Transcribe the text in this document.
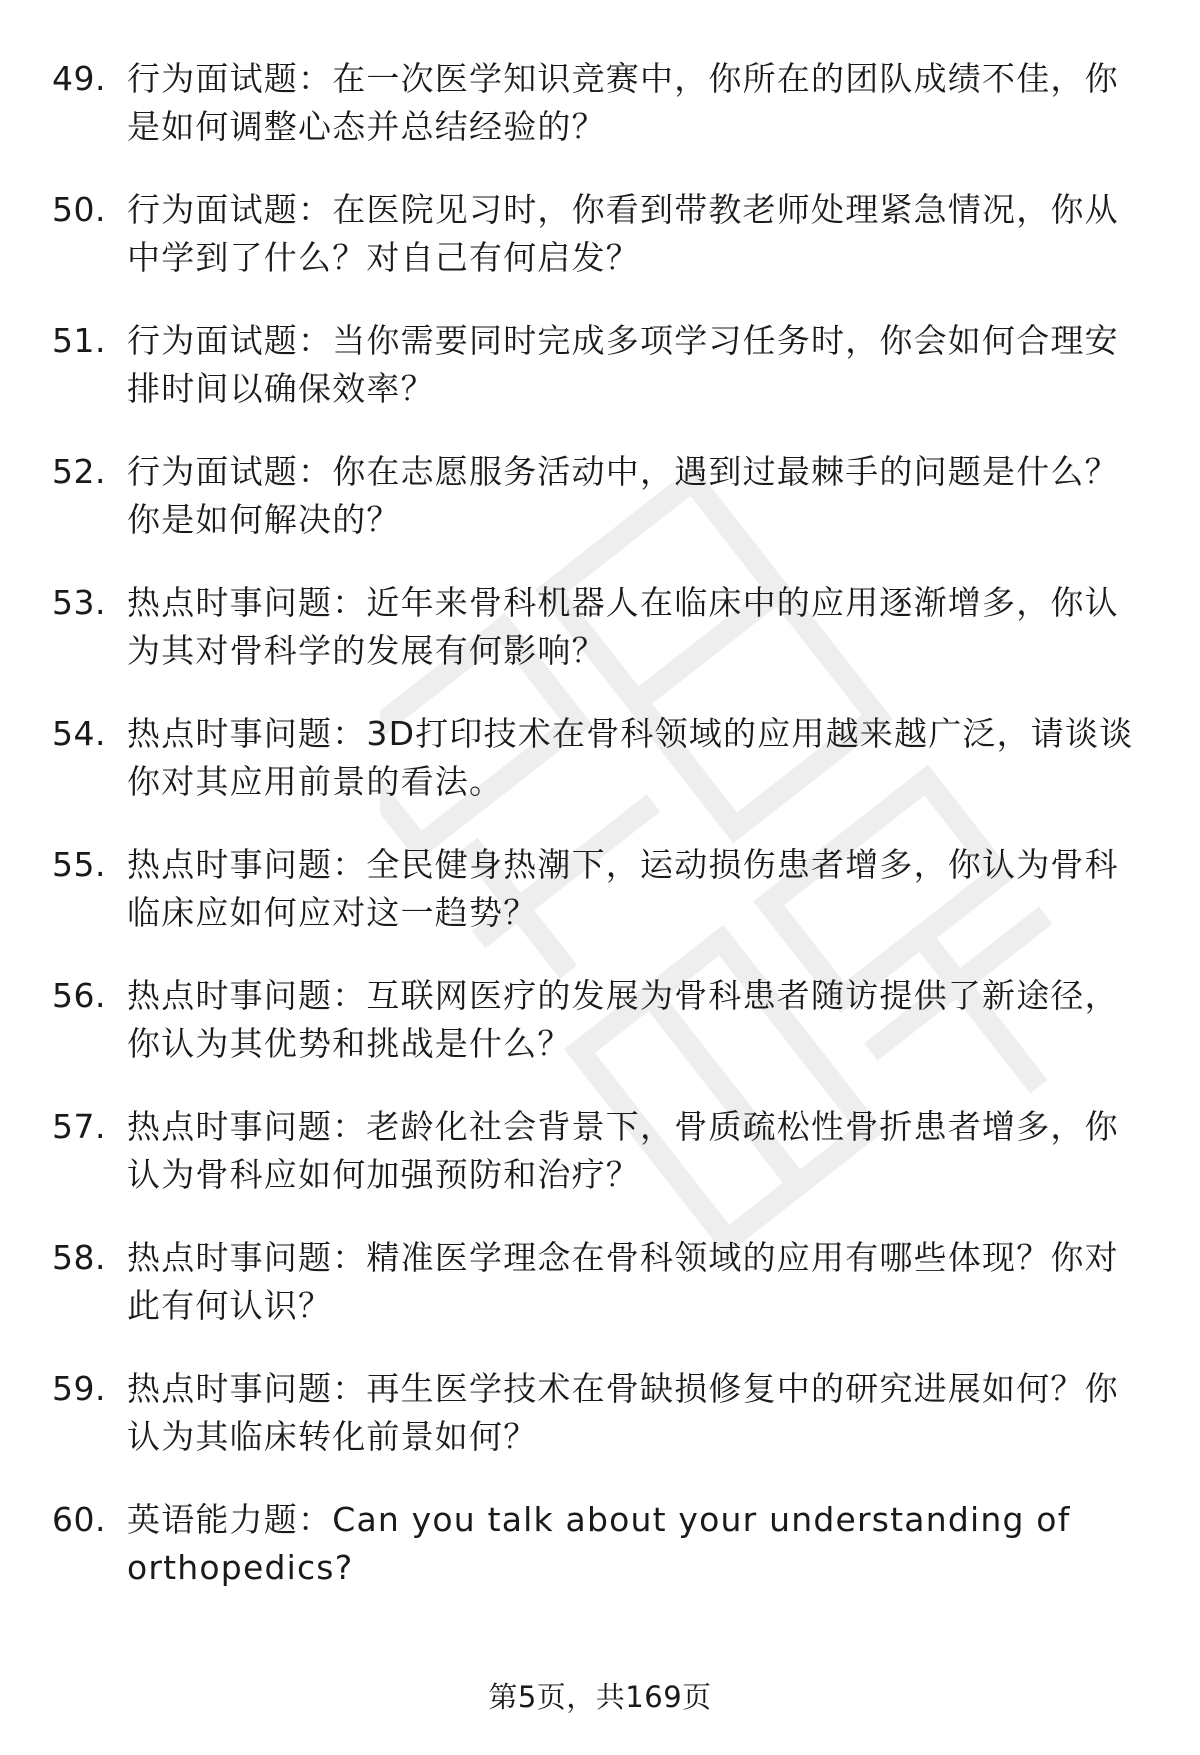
49. 行为面试题：在一次医学知识竞赛中，你所在的团队成绩不佳，你是如何调整心态并总结经验的？
50. 行为面试题：在医院见习时，你看到带教老师处理紧急情况，你从中学到了什么？对自己有何启发？
51. 行为面试题：当你需要同时完成多项学习任务时，你会如何合理安排时间以确保效率？
52. 行为面试题：你在志愿服务活动中，遇到过最棘手的问题是什么？你是如何解决的？
53. 热点时事问题：近年来骨科机器人在临床中的应用逐渐增多，你认为其对骨科学的发展有何影响？
54. 热点时事问题：3D打印技术在骨科领域的应用越来越广泛，请谈谈你对其应用前景的看法。
55. 热点时事问题：全民健身热潮下，运动损伤患者增多，你认为骨科临床应如何应对这一趋势？
56. 热点时事问题：互联网医疗的发展为骨科患者随访提供了新途径，你认为其优势和挑战是什么？
57. 热点时事问题：老龄化社会背景下，骨质疏松性骨折患者增多，你认为骨科应如何加强预防和治疗？
58. 热点时事问题：精准医学理念在骨科领域的应用有哪些体现？你对此有何认识？
59. 热点时事问题：再生医学技术在骨缺损修复中的研究进展如何？你认为其临床转化前景如何？
60. 英语能力题：Can you talk about your understanding of orthopedics?
第5页，共169页
